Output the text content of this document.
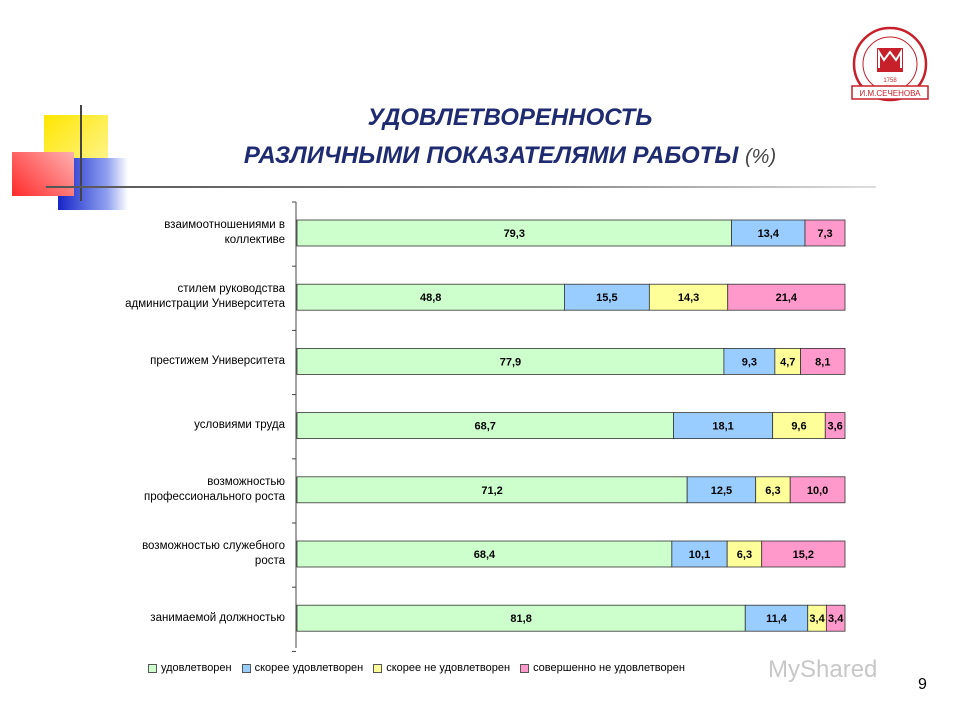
УДОВЛЕТВОРЕННОСТЬ
РАЗЛИЧНЫМИ ПОКАЗАТЕЛЯМИ РАБОТЫ (%)
1758
И.М.СЕЧЕНОВА
взаимоотношениями в
коллективе
стилем руководства
администрации Университета
престижем Университета
условиями труда
возможностью
профессионального роста
возможностью служебного
роста
занимаемой должностью
79,3	13,4	7,3
48,8	15,5	14,3	21,4
77,9	9,3 4,7 8,1
68,7	18,1	9,6 3,6
71,2	12,5	6,3 10,0
68,4	10,1 6,3	15,2
81,8	11,4 3,4 3,4
удовлетворен скорее удовлетворен скорее не удовлетворен совершенно не удовлетворен	MyShared
9
